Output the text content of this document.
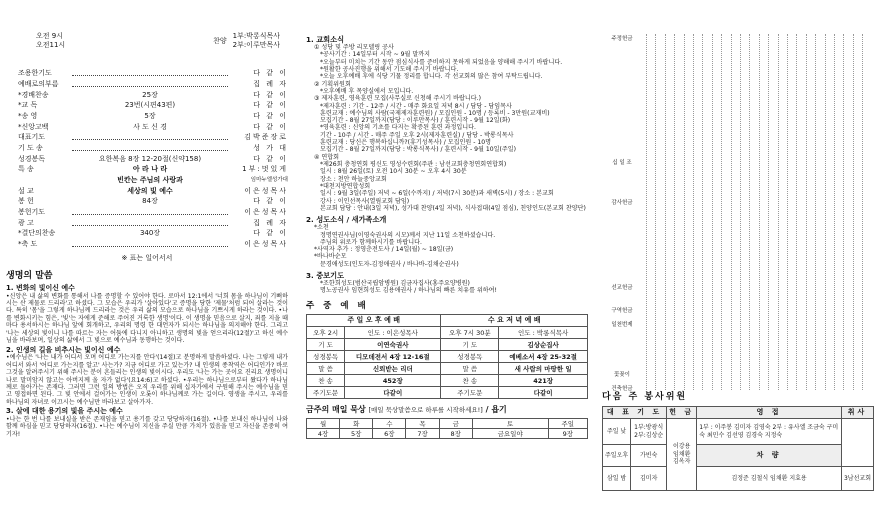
오전 9시
오전11시
찬양
1부:박롱식목사
2부:이루만목사
조용한기도	다 같 이
예배로의부름	집 례 자
*경배찬송	25장	다 같 이
*교 독	23번(시편43편)	다 같 이
*송 영	5장	다 같 이
*신앙고백	사 도 신 경	다 같 이
대표기도	김박준장로
기 도 송	성 가 대
성경봉독	요한복음 8장 12-20절(신약158)	다 같 이
특 송	아 라 나 라	1부:멋있게
빈칸는 주님의 사랑과	임마누엘성가대
설 교	세상의 빛 예수	이은성목사
봉 헌	84장	다 같 이
봉헌기도	이은성목사
광 고	집 례 자
*결단의찬송	340장	다 같 이
*축 도	이은성목사
※ 표는 일어서서
생명의 말씀
1. 변화의 빛이신 예수

•신앙은 내 삶의 변화를 통해서 나를 증명할 수 있어야 한다. 로마서 12:1에서 '너희 몸을 하나님이 기뻐하시는 산 제물로 드리라'고 하셨다. 그 모습은 우리가 '살아있다'고 증명을 당한 '제물'처럼 되어 살라는 것이다. 특히 '몸'을 그렇게 하나님께 드리라는 것은 우리 삶의 모습으로 하나님을 기쁘시게 하라는 것이다. •나를 변화시키는 힘은, '빛'는 자에게 준해로 주어진 거룩한 생명'이다. 이 생명을 믿음으로 살지, 죄를 지을 때마다 용서하시는 하나님 앞에 회개하고, 우리의 명령 한 대언자가 되시는 하나님을 의지해야 한다. 그리고 '나는 세상의 빛이니 나를 따르는 자는 어둠에 다니지 아니하고 생명의 빛을 얻으리라(12절)'고 하신 예수님을 바라보며, 일상의 삶에서 그 빛으로 예수님과 동행하는 것이다.

2. 인생의 길을 비추시는 빛이신 예수

•예수님은 '나는 내가 어디서 오며 어디로 가는지를 안다'(14절)고 분명하게 말씀하셨다. 나는 그렇게 내가 어디서 와서 '어디로 가는지를 알고' 사는가? 지금 어디로 가고 있는가? 내 인생의 종착역은 어디인가? 바로 그것을 알려주시기 위해 주시는 분이 흔들리는 인생의 빛이시다. 우리도 '나는 가는 곳이요 진리요 생명이니 나로 말미암지 않고는 아버지께 올 자가 없다'(요14:6)고 하셨다. •우리는 하나님으로부터 왔다가 하나님께로 돌아가는 존재다. 그러면 그런 일의 방법은 오직 우리를 위해 십자가에서 구원해 주시는 예수님을 믿고 영접하면 된다. 그 빛 안에서 걸어가는 인생이 오롯이 하나님께로 가는 길이다. 영생을 주시고, 우리를 하나님의 자녀로 이끄시는 예수님만 바라보고 살아가자.

3. 살에 대한 용기의 빛을 주시는 예수

•나는 한 번 나를 보내실을 받은 존재임을 믿고 용기를 갖고 당당하자(16절). •나를 보내신 하나님이 나와 함께 하심을 믿고 당당하자(16절). •나는 예수님이 지신을 주실 만큼 가치가 있음을 믿고 자신을 존중히 여기자!

1. 교회소식

① 성당 및 주방 리모델링 공사

*공사기간 : 14일부터 시작 ~ 9월 말까지

*오늘부터 미치는 기간 동안 점심식사를 준비하지 못하게 되었음을 양해해 주시기 바랍니다.

*원활한 공사진행을 위해서 기도해 주시기 바랍니다.

*오늘 오후예배 후에 식당 기물 정리를 합니다. 각 선교회의 많은 참여 부탁드립니다.

② 기획위원회

*오후예배 후 목양실에서 모입니다.

③ 제자훈련, 영육훈련 모집(사무실로 신청해 주시기 바랍니다.)

*제자훈련 : 기간 - 12주 / 시간 - 매주 화요일 저녁 8시 / 담당 - 담임목사

훈련교재 : 예수님의 사람(국제제자훈련원) / 모집인원 - 10명 / 등록비 - 3만원(교재비)

모집기간 - 8월 27일까지(담당 : 이루만목사) / 훈련시작 - 9월 12일(화)

*영육훈련 : 신앙의 기초를 다지는 확증된 훈련 과정입니다.

기간 - 10주 / 시간 - 매주 주일 오후 2시(제자훈련실) / 담당 - 박롱식목사

훈련교재 : 당신은 행복하십니까?(휴기성목사) / 모집인원 - 10명

모집기간 - 8월 27일까지(담당 : 박롱식목사) / 훈련시작 - 9월 10일(주일)

④ 연합회

*제26회 충청연회 평신도 영성수련회(주관 : 남선교회충청연회연합회)

일시 : 8월 26일(토) 오전 10시 30분 ~ 오후 4시 30분

장소 : 천안 하늘중앙교회

*대천지방연합성회

일시 : 9월 3일(주일) 저녁 ~ 6일(수까지) / 저녁(7시 30분)과 새벽(5시) / 장소 : 본교회

강사 : 이인선목사(열림교회 담임)

본교회 담당 : 안내(3일 저녁), 성가대 찬양(4일 저녁), 식사접대(4일 점심), 친양인도(본교회 찬양단)

2. 성도소식 / 새가족소개

*소천

정명연권사님(이영숙권사의 시모)께서 지난 11일 소천하셨습니다.

주님의 위로가 함께하시기를 바랍니다.

*사역자 추가 : 정영춘전도사 / 14일(월) ~ 18일(금)

*바나바순모

문경애성도(인도자-김정애권사 / 바나바-김채순권사)

3. 중보기도

*조한희성도(범산국립암병원) 김금자집사(홍주요양병원)

명노공권사 임현희성도 김용애권사 / 하나님의 빠른 치유를 위하여!

주 중 예 배
주 일 오 후 예 배		수 요 저 녁 예 배	
오후 2시	인도 : 이은성목사	오후 7시 30분	인도 : 박롱식목사
기 도	이연숙권사	기 도	김상순집사
성경봉독	디모데전서 4장 12-16절	성경봉독	예베소서 4장 25-32절
말 씀	신뢰받는 리더	말 씀	새 사람의 마땅한 일
찬 송	452장	찬 송	421장
주기도문	다같이	주기도문	다같이
금주의 매일 묵상 [매일 묵상말씀으로 하루를 시작하세요!] / 욥기
월	화	수	목	금	토	주일
4장	5장	6장	7장	8장	금요일야	9장
주정헌금
십 일 조
감사헌금
선교헌금
구역헌금
일천번제
꽃꽂이
건축헌금
다음 주 봉사위원
대 표 기 도		헌 금	영 접	취사
주일 낮	1부:방광식 2부:김상순	이강용 임채환 김옥자	1부 : 이주봉 김미자 김영숙 2부 : 유사엘 조금숙 구미숙 최민수 김선영 김경숙 지정숙	
주일오후	가빈숙		차 량	
삼일 밤	김미자		김정준 김철식 임채환 지효용	3남선교회
